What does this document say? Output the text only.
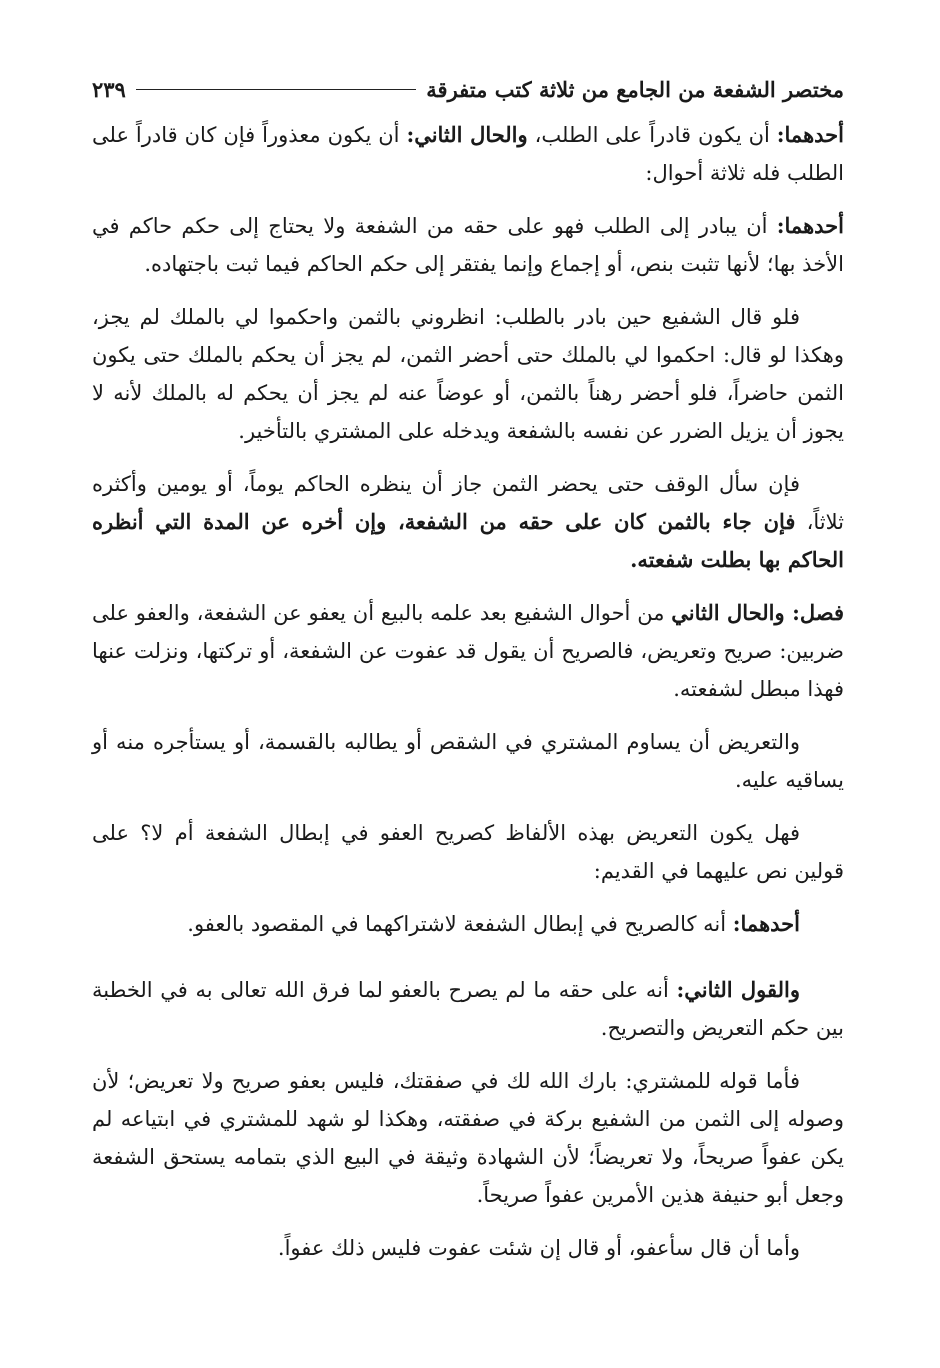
مختصر الشفعة من الجامع من ثلاثة كتب متفرقة
٢٣٩

أحدهما: أن يكون قادراً على الطلب، والحال الثاني: أن يكون معذوراً فإن كان قادراً على الطلب فله ثلاثة أحوال:

أحدهما: أن يبادر إلى الطلب فهو على حقه من الشفعة ولا يحتاج إلى حكم حاكم في الأخذ بها؛ لأنها تثبت بنص، أو إجماع وإنما يفتقر إلى حكم الحاكم فيما ثبت باجتهاده.

فلو قال الشفيع حين بادر بالطلب: انظروني بالثمن واحكموا لي بالملك لم يجز، وهكذا لو قال: احكموا لي بالملك حتى أحضر الثمن، لم يجز أن يحكم بالملك حتى يكون الثمن حاضراً، فلو أحضر رهناً بالثمن، أو عوضاً عنه لم يجز أن يحكم له بالملك لأنه لا يجوز أن يزيل الضرر عن نفسه بالشفعة ويدخله على المشتري بالتأخير.

فإن سأل الوقف حتى يحضر الثمن جاز أن ينظره الحاكم يوماً، أو يومين وأكثره ثلاثاً، فإن جاء بالثمن كان على حقه من الشفعة، وإن أخره عن المدة التي أنظره الحاكم بها بطلت شفعته.

فصل: والحال الثاني من أحوال الشفيع بعد علمه بالبيع أن يعفو عن الشفعة، والعفو على ضربين: صريح وتعريض، فالصريح أن يقول قد عفوت عن الشفعة، أو تركتها، ونزلت عنها فهذا مبطل لشفعته.

والتعريض أن يساوم المشتري في الشقص أو يطالبه بالقسمة، أو يستأجره منه أو يساقيه عليه.

فهل يكون التعريض بهذه الألفاظ كصريح العفو في إبطال الشفعة أم لا؟ على قولين نص عليهما في القديم:

أحدهما: أنه كالصريح في إبطال الشفعة لاشتراكهما في المقصود بالعفو.

والقول الثاني: أنه على حقه ما لم يصرح بالعفو لما فرق الله تعالى به في الخطبة بين حكم التعريض والتصريح.

فأما قوله للمشتري: بارك الله لك في صفقتك، فليس بعفو صريح ولا تعريض؛ لأن وصوله إلى الثمن من الشفيع بركة في صفقته، وهكذا لو شهد للمشتري في ابتياعه لم يكن عفواً صريحاً، ولا تعريضاً؛ لأن الشهادة وثيقة في البيع الذي بتمامه يستحق الشفعة وجعل أبو حنيفة هذين الأمرين عفواً صريحاً.

وأما أن قال سأعفو، أو قال إن شئت عفوت فليس ذلك عفواً.
